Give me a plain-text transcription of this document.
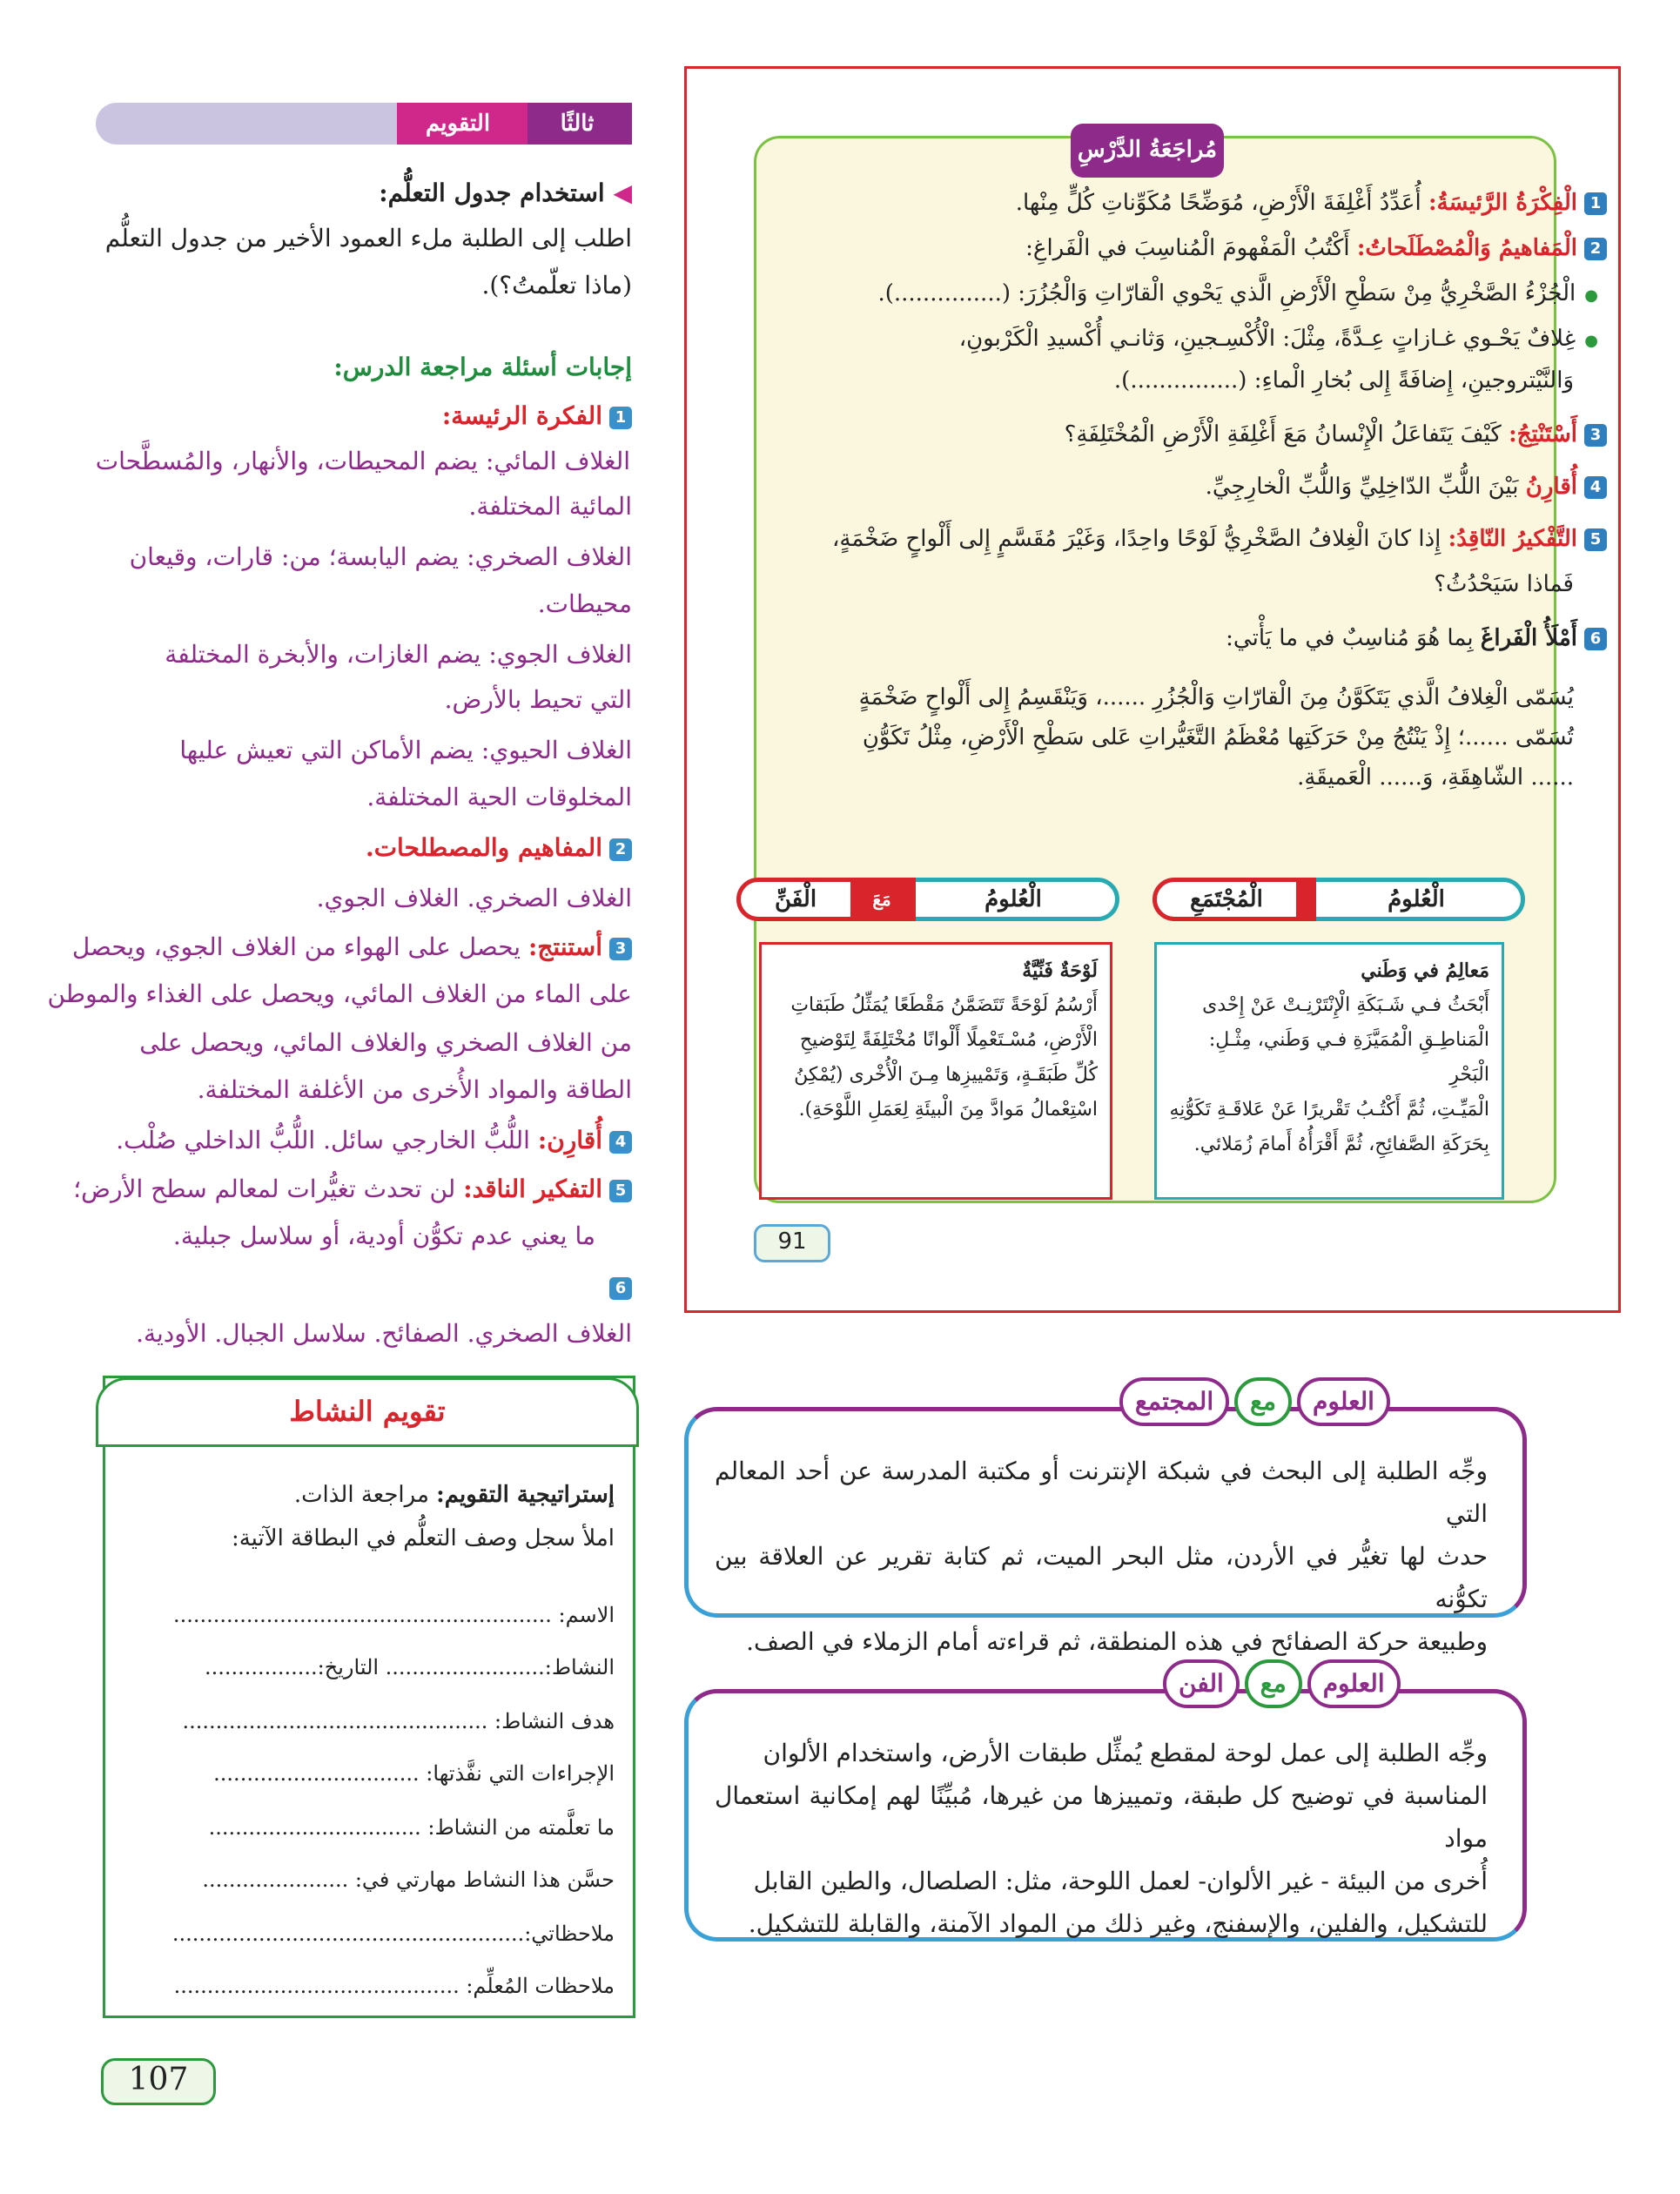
مُراجَعَةُ الدَّرْسِ
1الْفِكْرَةُ الرَّئيسَةُ: أُعَدِّدُ أَغْلِفَةَ الْأَرْضِ، مُوَضِّحًا مُكَوِّناتِ كُلٍّ مِنْها.
2الْمَفاهيمُ وَالْمُصْطَلَحاتُ: أَكْتُبُ الْمَفْهومَ الْمُناسِبَ في الْفَراغِ:
● الْجُزْءُ الصَّخْرِيُّ مِنْ سَطْحِ الْأَرْضِ الَّذي يَحْوي الْقارّاتِ وَالْجُزُرَ: (...............).
● غِلافٌ يَحْـوي غـازاتٍ عِـدَّةً، مِثْلَ: الْأُكْسِـجينِ، وَثانـي أُكْسيدِ الْكَرْبونِ،
وَالنَّيْتروجينِ، إِضافَةً إِلى بُخارِ الْماءِ: (...............).
3أَسْتَنْتِجُ: كَيْفَ يَتَفاعَلُ الْإِنْسانُ مَعَ أَغْلِفَةِ الْأَرْضِ الْمُخْتَلِفَةِ؟
4أُقارِنُ بَيْنَ اللُّبِّ الدّاخِلِيِّ وَاللُّبِّ الْخارِجِيِّ.
5التَّفْكيرُ النّاقِدُ: إِذا كانَ الْغِلافُ الصَّخْرِيُّ لَوْحًا واحِدًا، وَغَيْرَ مُقَسَّمٍ إِلى أَلْواحٍ ضَخْمَةٍ،
فَماذا سَيَحْدُثُ؟
6أَمْلَأُ الْفَراغَ بِما هُوَ مُناسِبٌ في ما يَأْتي:
يُسَمّى الْغِلافُ الَّذي يَتَكَوَّنُ مِنَ الْقارّاتِ وَالْجُزُرِ ......، وَيَنْقَسِمُ إِلى أَلْواحٍ ضَخْمَةٍ
تُسَمّى ......؛ إِذْ يَنْتُجُ مِنْ حَرَكَتِها مُعْظَمُ التَّغَيُّراتِ عَلى سَطْحِ الْأَرْضِ، مِثْلُ تَكَوُّنِ
...... الشّاهِقَةِ، وَ...... الْعَميقَةِ.
الْعُلومُ
الْمُجْتَمَعِ
الْعُلومُ
مَعَ
الْفَنِّ
مَعالِمُ في وَطَني
أَبْحَثُ فـي شَـبَكَةِ الْإِنْتَرْنِـتْ عَنْ إِحْدى
الْمَناطِـقِ الْمُمَيَّزَةِ فـي وَطَني، مِثْـلِ: الْبَحْرِ
الْمَيِّـتِ، ثُمَّ أَكْتُـبُ تَقْريرًا عَنْ عَلاقَـةِ تَكَوُّنِهِ
بِحَرَكَةِ الصَّفائِحِ، ثُمَّ أَقْرَأُهُ أَمامَ زُمَلائي.
لَوْحَةٌ فَنِّيَّةٌ
أَرْسُمُ لَوْحَةً تَتَضَمَّنُ مَقْطَعًا يُمَثِّلُ طَبَقاتِ
الْأَرْضِ، مُسْـتَعْمِلًا أَلْوانًا مُخْتَلِفَةً لِتَوْضيحِ
كُلِّ طَبَقَـةٍ، وَتَمْييزِها مِـنَ الْأُخْرى (يُمْكِنُ
اسْتِعْمالُ مَوادَّ مِنَ الْبيئَةِ لِعَمَلِ اللَّوْحَةِ).
91
وجِّه الطلبة إلى البحث في شبكة الإنترنت أو مكتبة المدرسة عن أحد المعالم التي
حدث لها تغيُّر في الأردن، مثل البحر الميت، ثم كتابة تقرير عن العلاقة بين تكوُّنه
وطبيعة حركة الصفائح في هذه المنطقة، ثم قراءته أمام الزملاء في الصف.
العلوم
مع
المجتمع
وجِّه الطلبة إلى عمل لوحة لمقطع يُمثِّل طبقات الأرض، واستخدام الألوان
المناسبة في توضيح كل طبقة، وتمييزها من غيرها، مُبيِّنًا لهم إمكانية استعمال مواد
أُخرى من البيئة - غير الألوان- لعمل اللوحة، مثل: الصلصال، والطين القابل
للتشكيل، والفلين، والإسفنج، وغير ذلك من المواد الآمنة، والقابلة للتشكيل.
العلوم
مع
الفن
ثالثًا
التقويم
◀ استخدام جدول التعلُّم:
اطلب إلى الطلبة ملء العمود الأخير من جدول التعلُّم
(ماذا تعلّمتُ؟).
إجابات أسئلة مراجعة الدرس:
1الفكرة الرئيسة:
الغلاف المائي: يضم المحيطات، والأنهار، والمُسطَّحات
المائية المختلفة.
الغلاف الصخري: يضم اليابسة؛ من: قارات، وقيعان
محيطات.
الغلاف الجوي: يضم الغازات، والأبخرة المختلفة
التي تحيط بالأرض.
الغلاف الحيوي: يضم الأماكن التي تعيش عليها
المخلوقات الحية المختلفة.
2المفاهيم والمصطلحات.
الغلاف الصخري. الغلاف الجوي.
3أستنتج: يحصل على الهواء من الغلاف الجوي، ويحصل
على الماء من الغلاف المائي، ويحصل على الغذاء والموطن
من الغلاف الصخري والغلاف المائي، ويحصل على
الطاقة والمواد الأُخرى من الأغلفة المختلفة.
4أُقارِن: اللُّبُّ الخارجي سائل. اللُّبُّ الداخلي صُلْب.
5التفكير الناقد: لن تحدث تغيُّرات لمعالم سطح الأرض؛
ما يعني عدم تكوُّن أودية، أو سلاسل جبلية.
6
الغلاف الصخري. الصفائح. سلاسل الجبال. الأودية.
تقويم النشاط
إستراتيجية التقويم: مراجعة الذات.
املأ سجل وصف التعلُّم في البطاقة الآتية:
الاسم: .........................................................
النشاط:........................ التاريخ:.................
هدف النشاط: ..............................................
الإجراءات التي نفَّذتها: ...............................
ما تعلَّمته من النشاط: ................................
حسَّن هذا النشاط مهارتي في: ......................
ملاحظاتي:.....................................................
ملاحظات المُعلِّم: ...........................................
107
